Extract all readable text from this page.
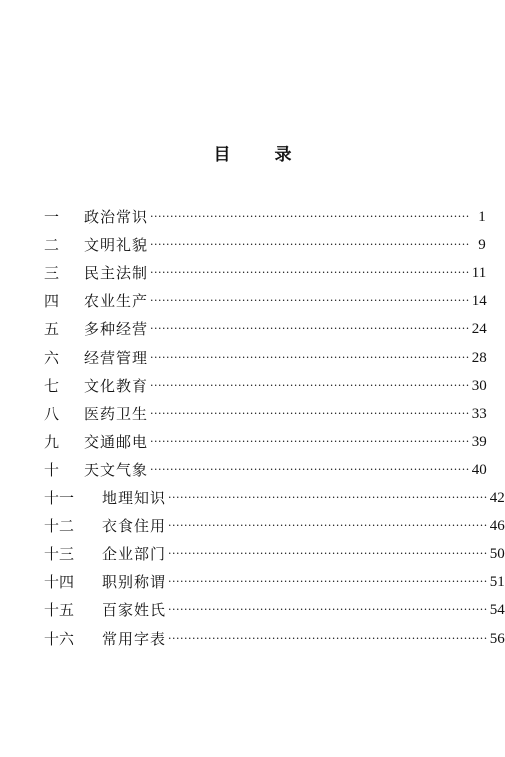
目	录
一	政治常识 ················································································ 1
二	文明礼貌 ················································································ 9
三	民主法制 ················································································ 11
四	农业生产 ················································································ 14
五	多种经营 ················································································ 24
六	经营管理 ················································································ 28
七	文化教育 ················································································ 30
八	医药卫生 ················································································ 33
九	交通邮电 ················································································ 39
十	天文气象 ················································································ 40
十一	地理知识 ················································································ 42
十二	衣食住用 ················································································ 46
十三	企业部门 ················································································ 50
十四	职别称谓 ················································································ 51
十五	百家姓氏 ················································································ 54
十六	常用字表 ················································································ 56
